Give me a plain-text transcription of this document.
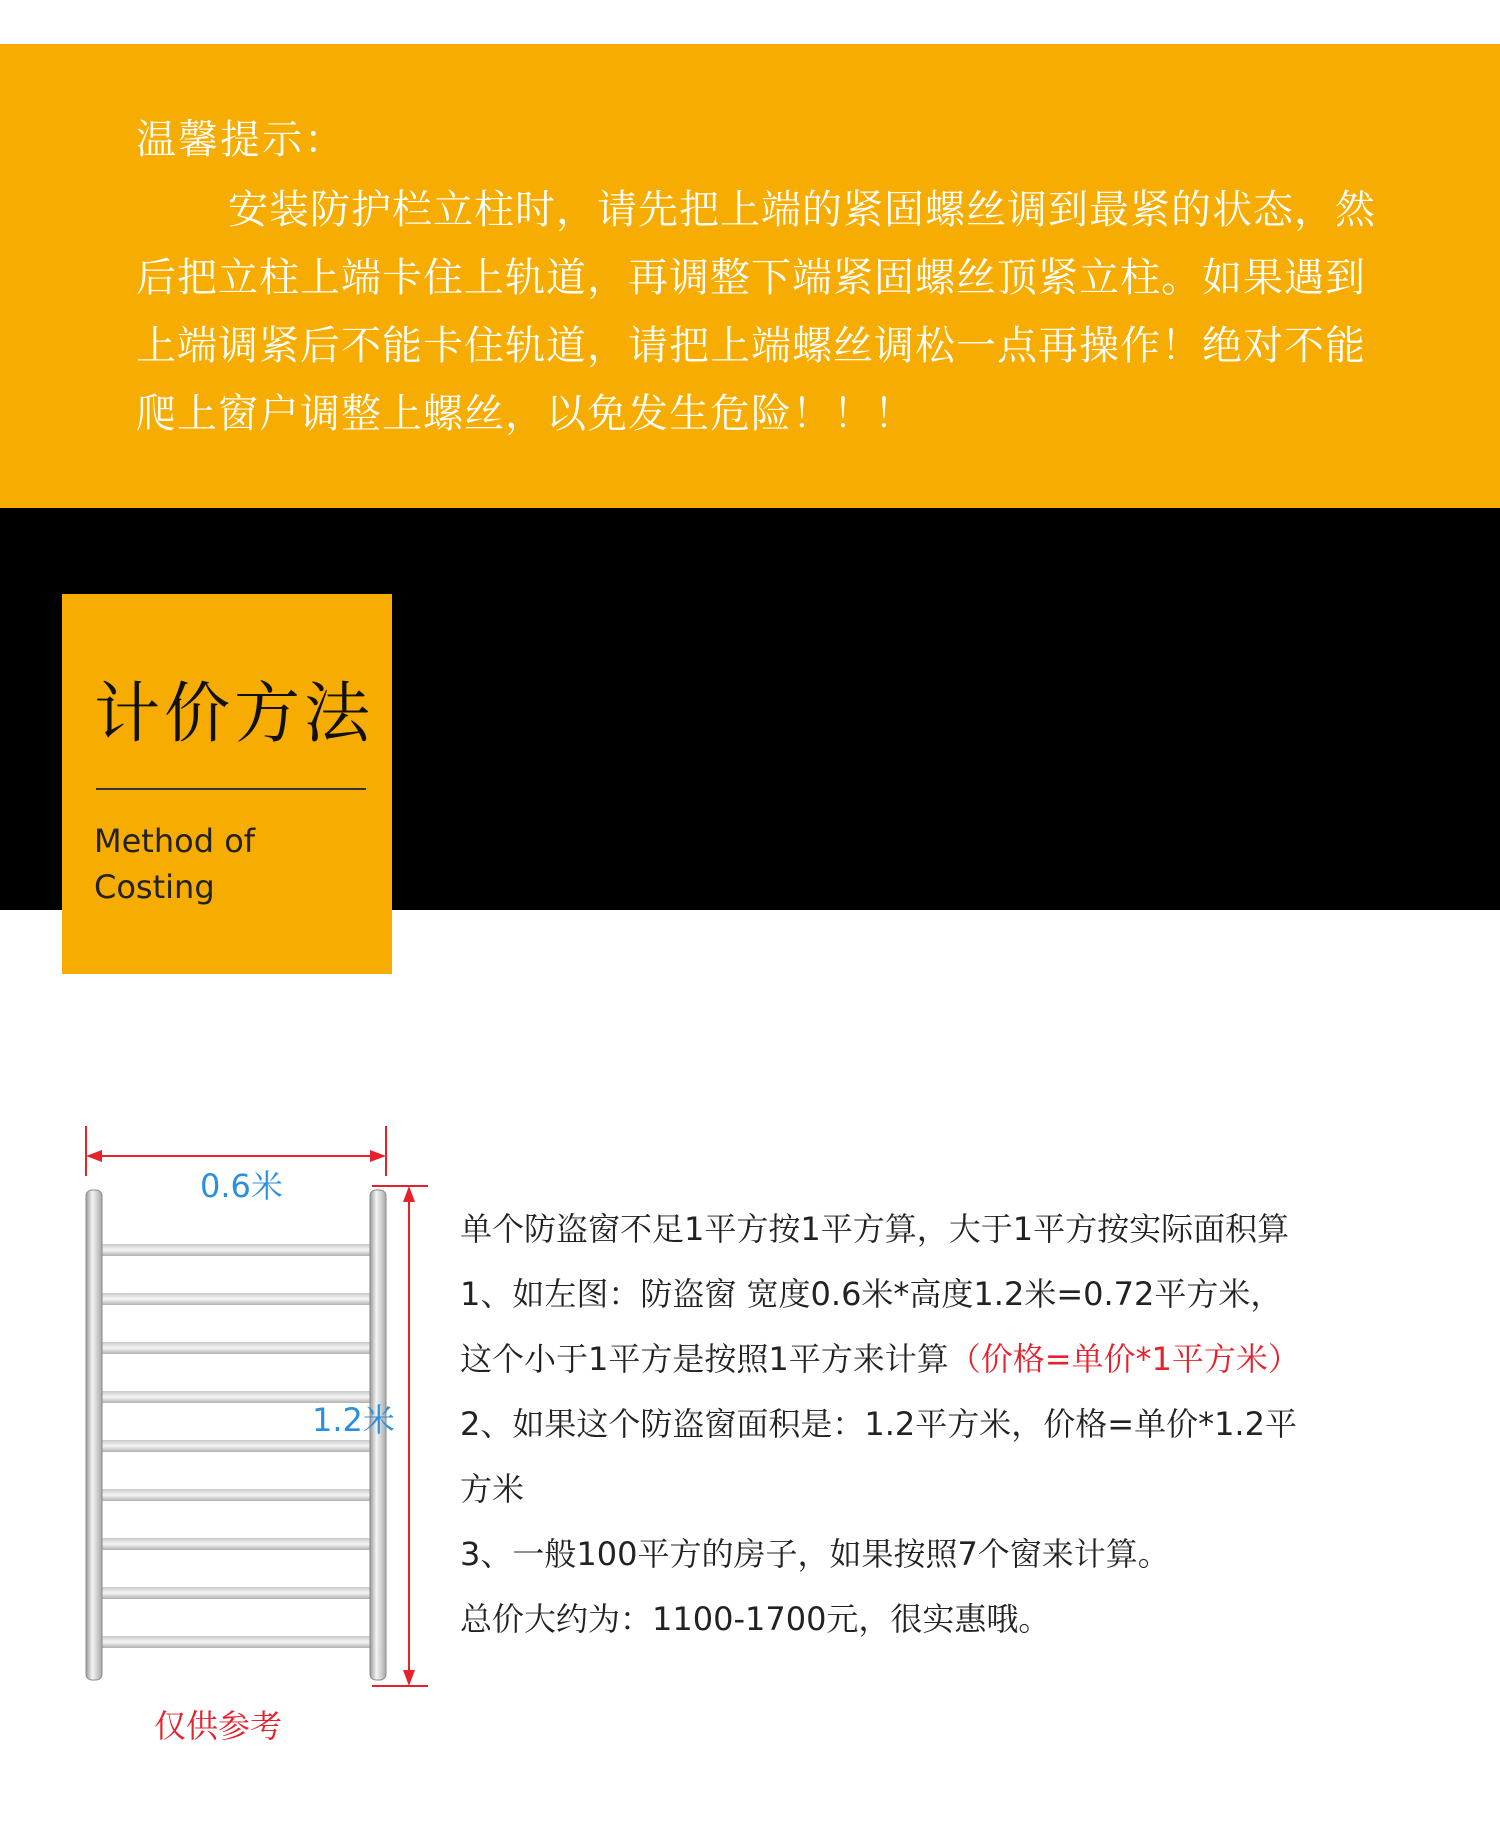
温馨提示：

安装防护栏立柱时，请先把上端的紧固螺丝调到最紧的状态，然后把立柱上端卡住上轨道，再调整下端紧固螺丝顶紧立柱。如果遇到上端调紧后不能卡住轨道，请把上端螺丝调松一点再操作！绝对不能爬上窗户调整上螺丝，以免发生危险！！！

计价方法

Method of Costing

0.6米

1.2米

仅供参考

单个防盗窗不足1平方按1平方算，大于1平方按实际面积算

1、如左图：防盗窗 宽度0.6米*高度1.2米=0.72平方米，

这个小于1平方是按照1平方来计算（价格=单价*1平方米）

2、如果这个防盗窗面积是：1.2平方米，价格=单价*1.2平

方米

3、一般100平方的房子，如果按照7个窗来计算。

总价大约为：1100-1700元，很实惠哦。
